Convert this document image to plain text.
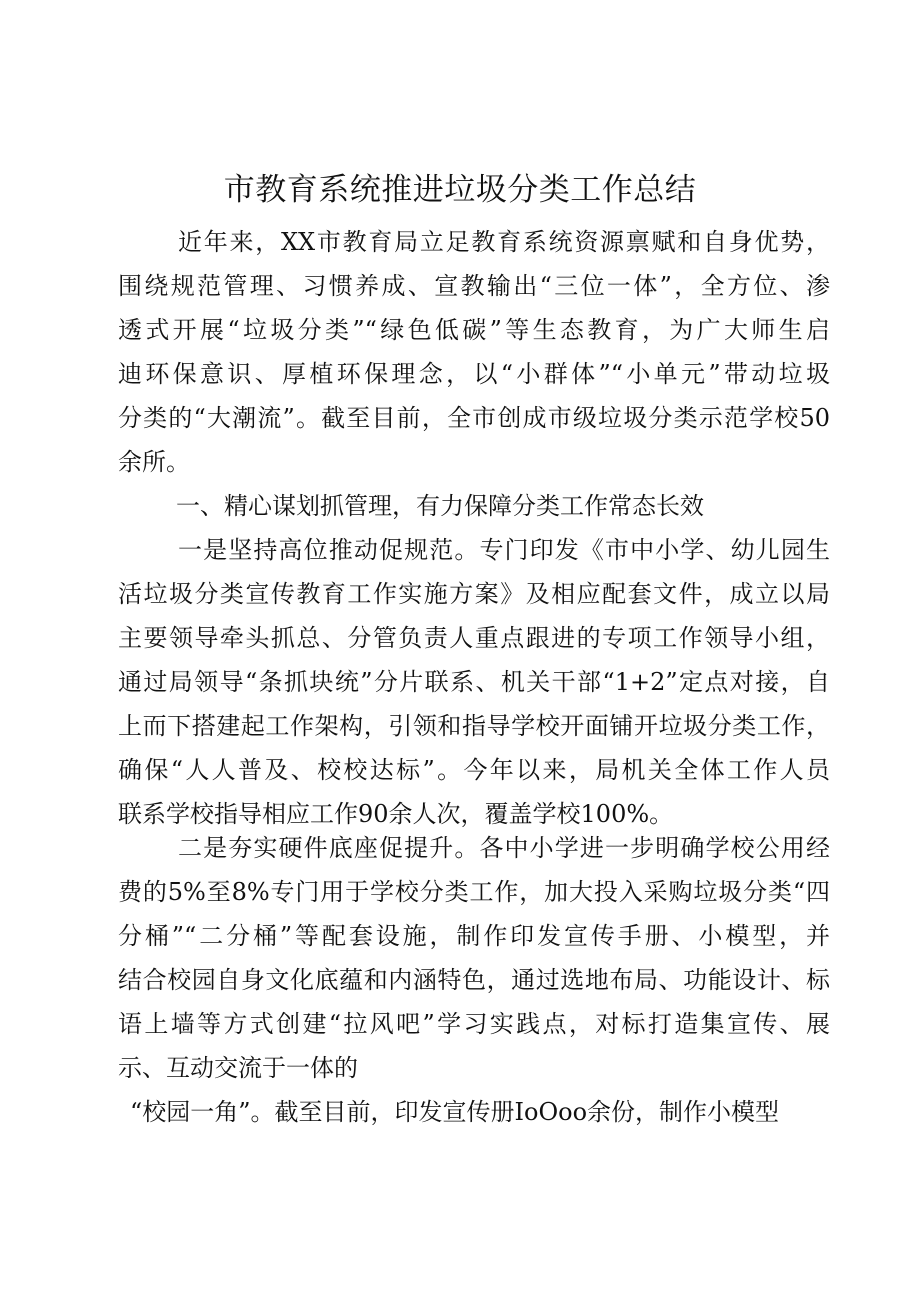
市教育系统推进垃圾分类工作总结
近年来，XX市教育局立足教育系统资源禀赋和自身优势，
围绕规范管理、习惯养成、宣教输出“三位一体”，全方位、渗
透式开展“垃圾分类”“绿色低碳”等生态教育，为广大师生启
迪环保意识、厚植环保理念，以“小群体”“小单元”带动垃圾
分类的“大潮流”。截至目前，全市创成市级垃圾分类示范学校50
余所。
一、精心谋划抓管理，有力保障分类工作常态长效
一是坚持高位推动促规范。专门印发《市中小学、幼儿园生
活垃圾分类宣传教育工作实施方案》及相应配套文件，成立以局
主要领导牵头抓总、分管负责人重点跟进的专项工作领导小组，
通过局领导“条抓块统”分片联系、机关干部“1+2”定点对接，自
上而下搭建起工作架构，引领和指导学校开面铺开垃圾分类工作，
确保“人人普及、校校达标”。今年以来，局机关全体工作人员
联系学校指导相应工作90余人次，覆盖学校100%。
二是夯实硬件底座促提升。各中小学进一步明确学校公用经
费的5%至8%专门用于学校分类工作，加大投入采购垃圾分类“四
分桶”“二分桶”等配套设施，制作印发宣传手册、小模型，并
结合校园自身文化底蕴和内涵特色，通过选地布局、功能设计、标
语上墙等方式创建“拉风吧”学习实践点，对标打造集宣传、展
示、互动交流于一体的
“校园一角”。截至目前，印发宣传册IoOoo余份，制作小模型
